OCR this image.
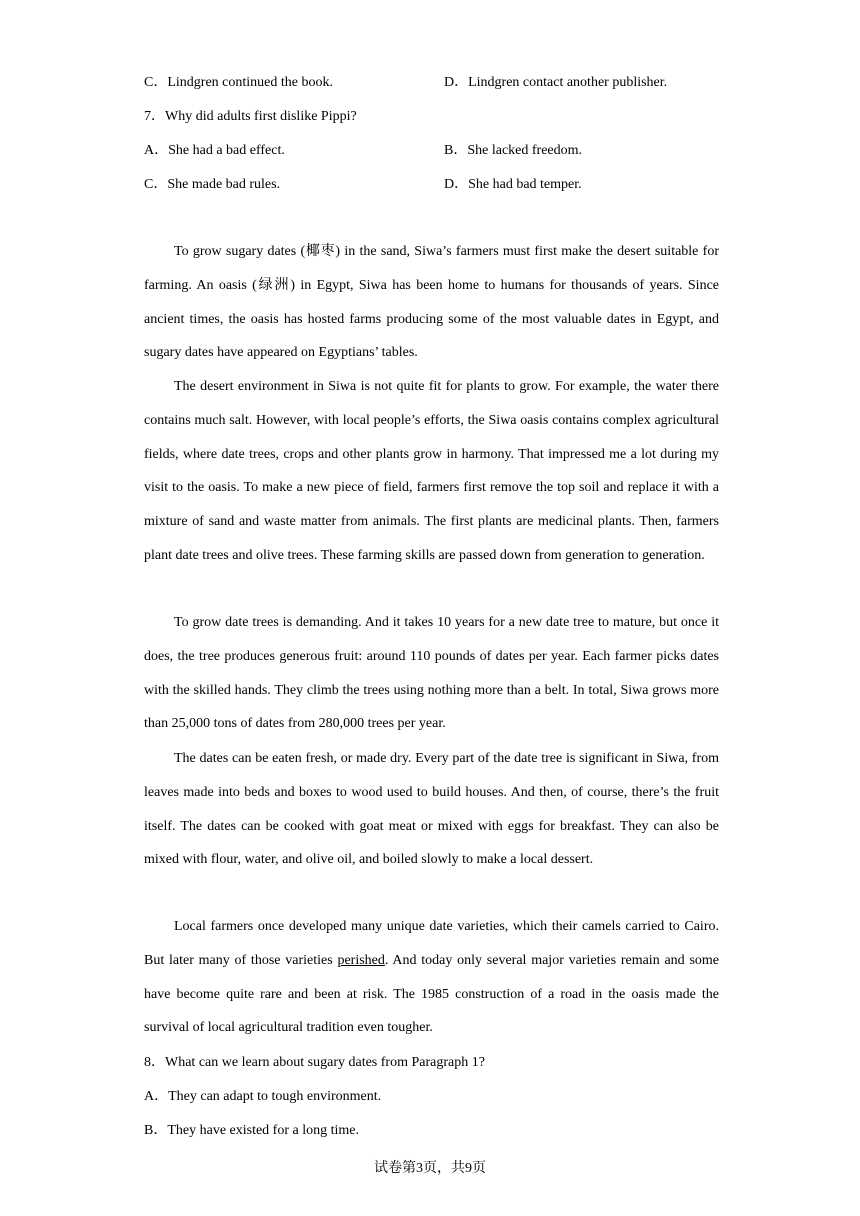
C．Lindgren continued the book.	D．Lindgren contact another publisher.
7．Why did adults first dislike Pippi?
A．She had a bad effect.	B．She lacked freedom.
C．She made bad rules.	D．She had bad temper.

To grow sugary dates (椰枣) in the sand, Siwa’s farmers must first make the desert suitable for farming. An oasis (绿洲) in Egypt, Siwa has been home to humans for thousands of years. Since ancient times, the oasis has hosted farms producing some of the most valuable dates in Egypt, and sugary dates have appeared on Egyptians’ tables.

The desert environment in Siwa is not quite fit for plants to grow. For example, the water there contains much salt. However, with local people’s efforts, the Siwa oasis contains complex agricultural fields, where date trees, crops and other plants grow in harmony. That impressed me a lot during my visit to the oasis. To make a new piece of field, farmers first remove the top soil and replace it with a mixture of sand and waste matter from animals. The first plants are medicinal plants. Then, farmers plant date trees and olive trees. These farming skills are passed down from generation to generation.

To grow date trees is demanding. And it takes 10 years for a new date tree to mature, but once it does, the tree produces generous fruit: around 110 pounds of dates per year. Each farmer picks dates with the skilled hands. They climb the trees using nothing more than a belt. In total, Siwa grows more than 25,000 tons of dates from 280,000 trees per year.

The dates can be eaten fresh, or made dry. Every part of the date tree is significant in Siwa, from leaves made into beds and boxes to wood used to build houses. And then, of course, there’s the fruit itself. The dates can be cooked with goat meat or mixed with eggs for breakfast. They can also be mixed with flour, water, and olive oil, and boiled slowly to make a local dessert.

Local farmers once developed many unique date varieties, which their camels carried to Cairo. But later many of those varieties perished. And today only several major varieties remain and some have become quite rare and been at risk. The 1985 construction of a road in the oasis made the survival of local agricultural tradition even tougher.

8．What can we learn about sugary dates from Paragraph 1?
A．They can adapt to tough environment.
B．They have existed for a long time.
试卷第3页，共9页
